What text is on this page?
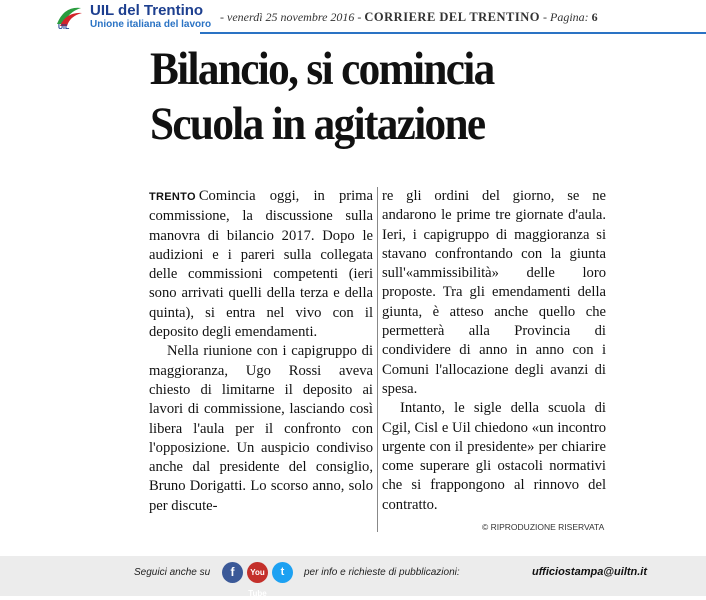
UIL
UIL del Trentino
Unione italiana del lavoro
- venerdì 25 novembre 2016 - CORRIERE DEL TRENTINO - Pagina: 6
Bilancio, si comincia
Scuola in agitazione
TRENTO Comincia oggi, in prima commissione, la discussione sulla manovra di bilancio 2017. Dopo le audizioni e i pareri sulla collegata delle commissioni competenti (ieri sono arrivati quelli della terza e della quinta), si entra nel vivo con il deposito degli emendamenti.
Nella riunione con i capigruppo di maggioranza, Ugo Rossi aveva chiesto di limitarne il deposito ai lavori di commissione, lasciando così libera l'aula per il confronto con l'opposizione. Un auspicio condiviso anche dal presidente del consiglio, Bruno Dorigatti. Lo scorso anno, solo per discute-
re gli ordini del giorno, se ne andarono le prime tre giornate d'aula. Ieri, i capigruppo di maggioranza si stavano confrontando con la giunta sull'«ammissibilità» delle loro proposte. Tra gli emendamenti della giunta, è atteso anche quello che permetterà alla Provincia di condividere di anno in anno con i Comuni l'allocazione degli avanzi di spesa.
Intanto, le sigle della scuola di Cgil, Cisl e Uil chiedono «un incontro urgente con il presidente» per chiarire come superare gli ostacoli normativi che si frappongono al rinnovo del contratto.
© RIPRODUZIONE RISERVATA
Seguici anche su	f	You Tube
t	per info e richieste di pubblicazioni:	ufficiostampa@uiltn.it
